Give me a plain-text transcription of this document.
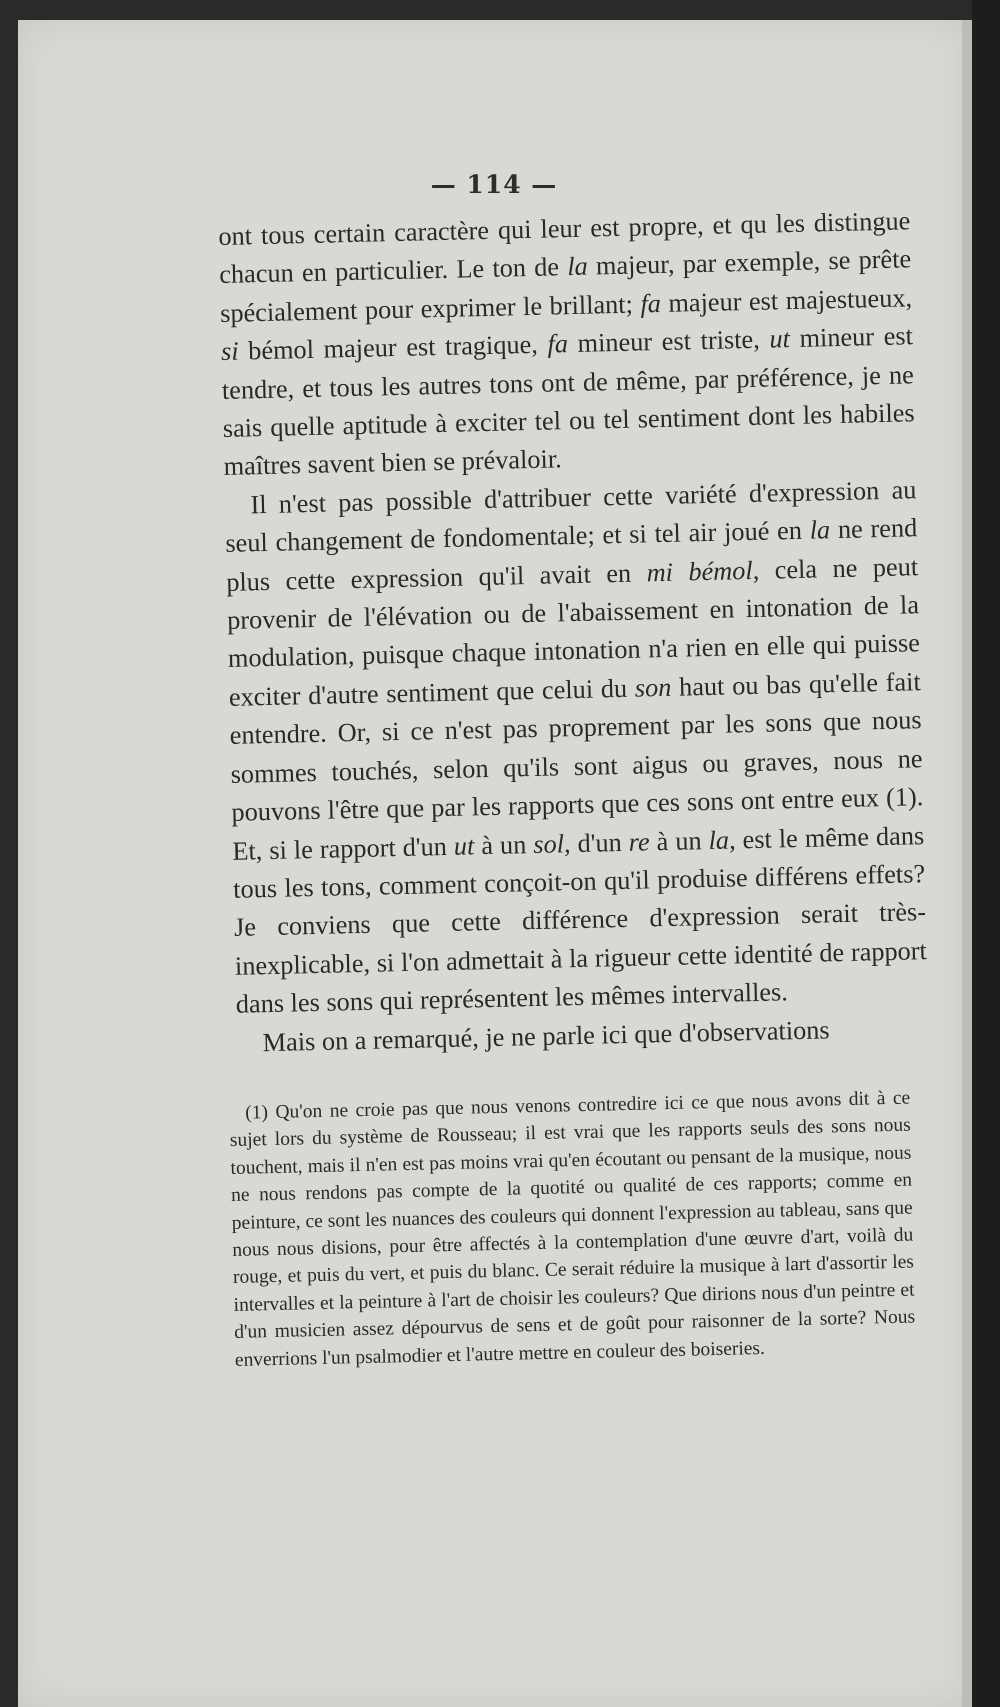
— 114 —

ont tous certain caractère qui leur est propre, et qu les distingue chacun en particulier. Le ton de la majeur, par exemple, se prête spécialement pour exprimer le brillant; fa majeur est majestueux, si bémol majeur est tragique, fa mineur est triste, ut mineur est tendre, et tous les autres tons ont de même, par préférence, je ne sais quelle aptitude à exciter tel ou tel sentiment dont les habiles maîtres savent bien se prévaloir.

Il n'est pas possible d'attribuer cette variété d'expression au seul changement de fondomentale; et si tel air joué en la ne rend plus cette expression qu'il avait en mi bémol, cela ne peut provenir de l'élévation ou de l'abaissement en intonation de la modulation, puisque chaque intonation n'a rien en elle qui puisse exciter d'autre sentiment que celui du son haut ou bas qu'elle fait entendre. Or, si ce n'est pas proprement par les sons que nous sommes touchés, selon qu'ils sont aigus ou graves, nous ne pouvons l'être que par les rapports que ces sons ont entre eux (1). Et, si le rapport d'un ut à un sol, d'un re à un la, est le même dans tous les tons, comment conçoit-on qu'il produise différens effets? Je conviens que cette différence d'expression serait très-inexplicable, si l'on admettait à la rigueur cette identité de rapport dans les sons qui représentent les mêmes intervalles.

Mais on a remarqué, je ne parle ici que d'observations

(1) Qu'on ne croie pas que nous venons contredire ici ce que nous avons dit à ce sujet lors du système de Rousseau; il est vrai que les rapports seuls des sons nous touchent, mais il n'en est pas moins vrai qu'en écoutant ou pensant de la musique, nous ne nous rendons pas compte de la quotité ou qualité de ces rapports; comme en peinture, ce sont les nuances des couleurs qui donnent l'expression au tableau, sans que nous nous disions, pour être affectés à la contemplation d'une œuvre d'art, voilà du rouge, et puis du vert, et puis du blanc. Ce serait réduire la musique à lart d'assortir les intervalles et la peinture à l'art de choisir les couleurs? Que dirions nous d'un peintre et d'un musicien assez dépourvus de sens et de goût pour raisonner de la sorte? Nous enverrions l'un psalmodier et l'autre mettre en couleur des boiseries.
